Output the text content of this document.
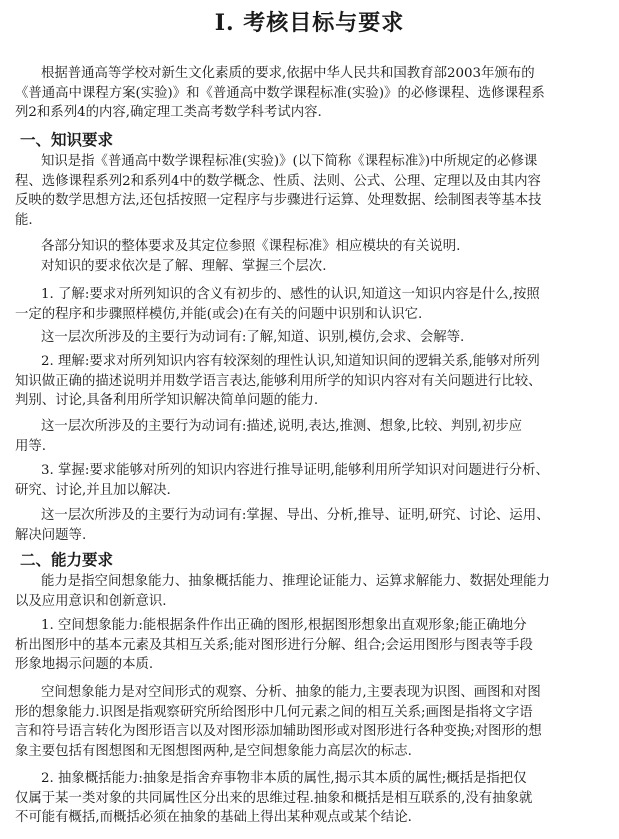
Ⅰ. 考核目标与要求
根据普通高等学校对新生文化素质的要求,依据中华人民共和国教育部2003年颁布的
《普通高中课程方案(实验)》和《普通高中数学课程标准(实验)》的必修课程、选修课程系
列2和系列4的内容,确定理工类高考数学科考试内容.
一、知识要求
知识是指《普通高中数学课程标准(实验)》(以下简称《课程标准》)中所规定的必修课
程、选修课程系列2和系列4中的数学概念、性质、法则、公式、公理、定理以及由其内容
反映的数学思想方法,还包括按照一定程序与步骤进行运算、处理数据、绘制图表等基本技
能.
各部分知识的整体要求及其定位参照《课程标准》相应模块的有关说明.
对知识的要求依次是了解、理解、掌握三个层次.
1. 了解:要求对所列知识的含义有初步的、感性的认识,知道这一知识内容是什么,按照
一定的程序和步骤照样模仿,并能(或会)在有关的问题中识别和认识它.
这一层次所涉及的主要行为动词有:了解,知道、识别,模仿,会求、会解等.
2. 理解:要求对所列知识内容有较深刻的理性认识,知道知识间的逻辑关系,能够对所列
知识做正确的描述说明并用数学语言表达,能够利用所学的知识内容对有关问题进行比较、
判别、讨论,具备利用所学知识解决简单问题的能力.
这一层次所涉及的主要行为动词有:描述,说明,表达,推测、想象,比较、判别,初步应
用等.
3. 掌握:要求能够对所列的知识内容进行推导证明,能够利用所学知识对问题进行分析、
研究、讨论,并且加以解决.
这一层次所涉及的主要行为动词有:掌握、导出、分析,推导、证明,研究、讨论、运用、
解决问题等.
二、能力要求
能力是指空间想象能力、抽象概括能力、推理论证能力、运算求解能力、数据处理能力
以及应用意识和创新意识.
1. 空间想象能力:能根据条件作出正确的图形,根据图形想象出直观形象;能正确地分
析出图形中的基本元素及其相互关系;能对图形进行分解、组合;会运用图形与图表等手段
形象地揭示问题的本质.
空间想象能力是对空间形式的观察、分析、抽象的能力,主要表现为识图、画图和对图
形的想象能力.识图是指观察研究所给图形中几何元素之间的相互关系;画图是指将文字语
言和符号语言转化为图形语言以及对图形添加辅助图形或对图形进行各种变换;对图形的想
象主要包括有图想图和无图想图两种,是空间想象能力高层次的标志.
2. 抽象概括能力:抽象是指舍弃事物非本质的属性,揭示其本质的属性;概括是指把仅
仅属于某一类对象的共同属性区分出来的思维过程.抽象和概括是相互联系的,没有抽象就
不可能有概括,而概括必须在抽象的基础上得出某种观点或某个结论.
